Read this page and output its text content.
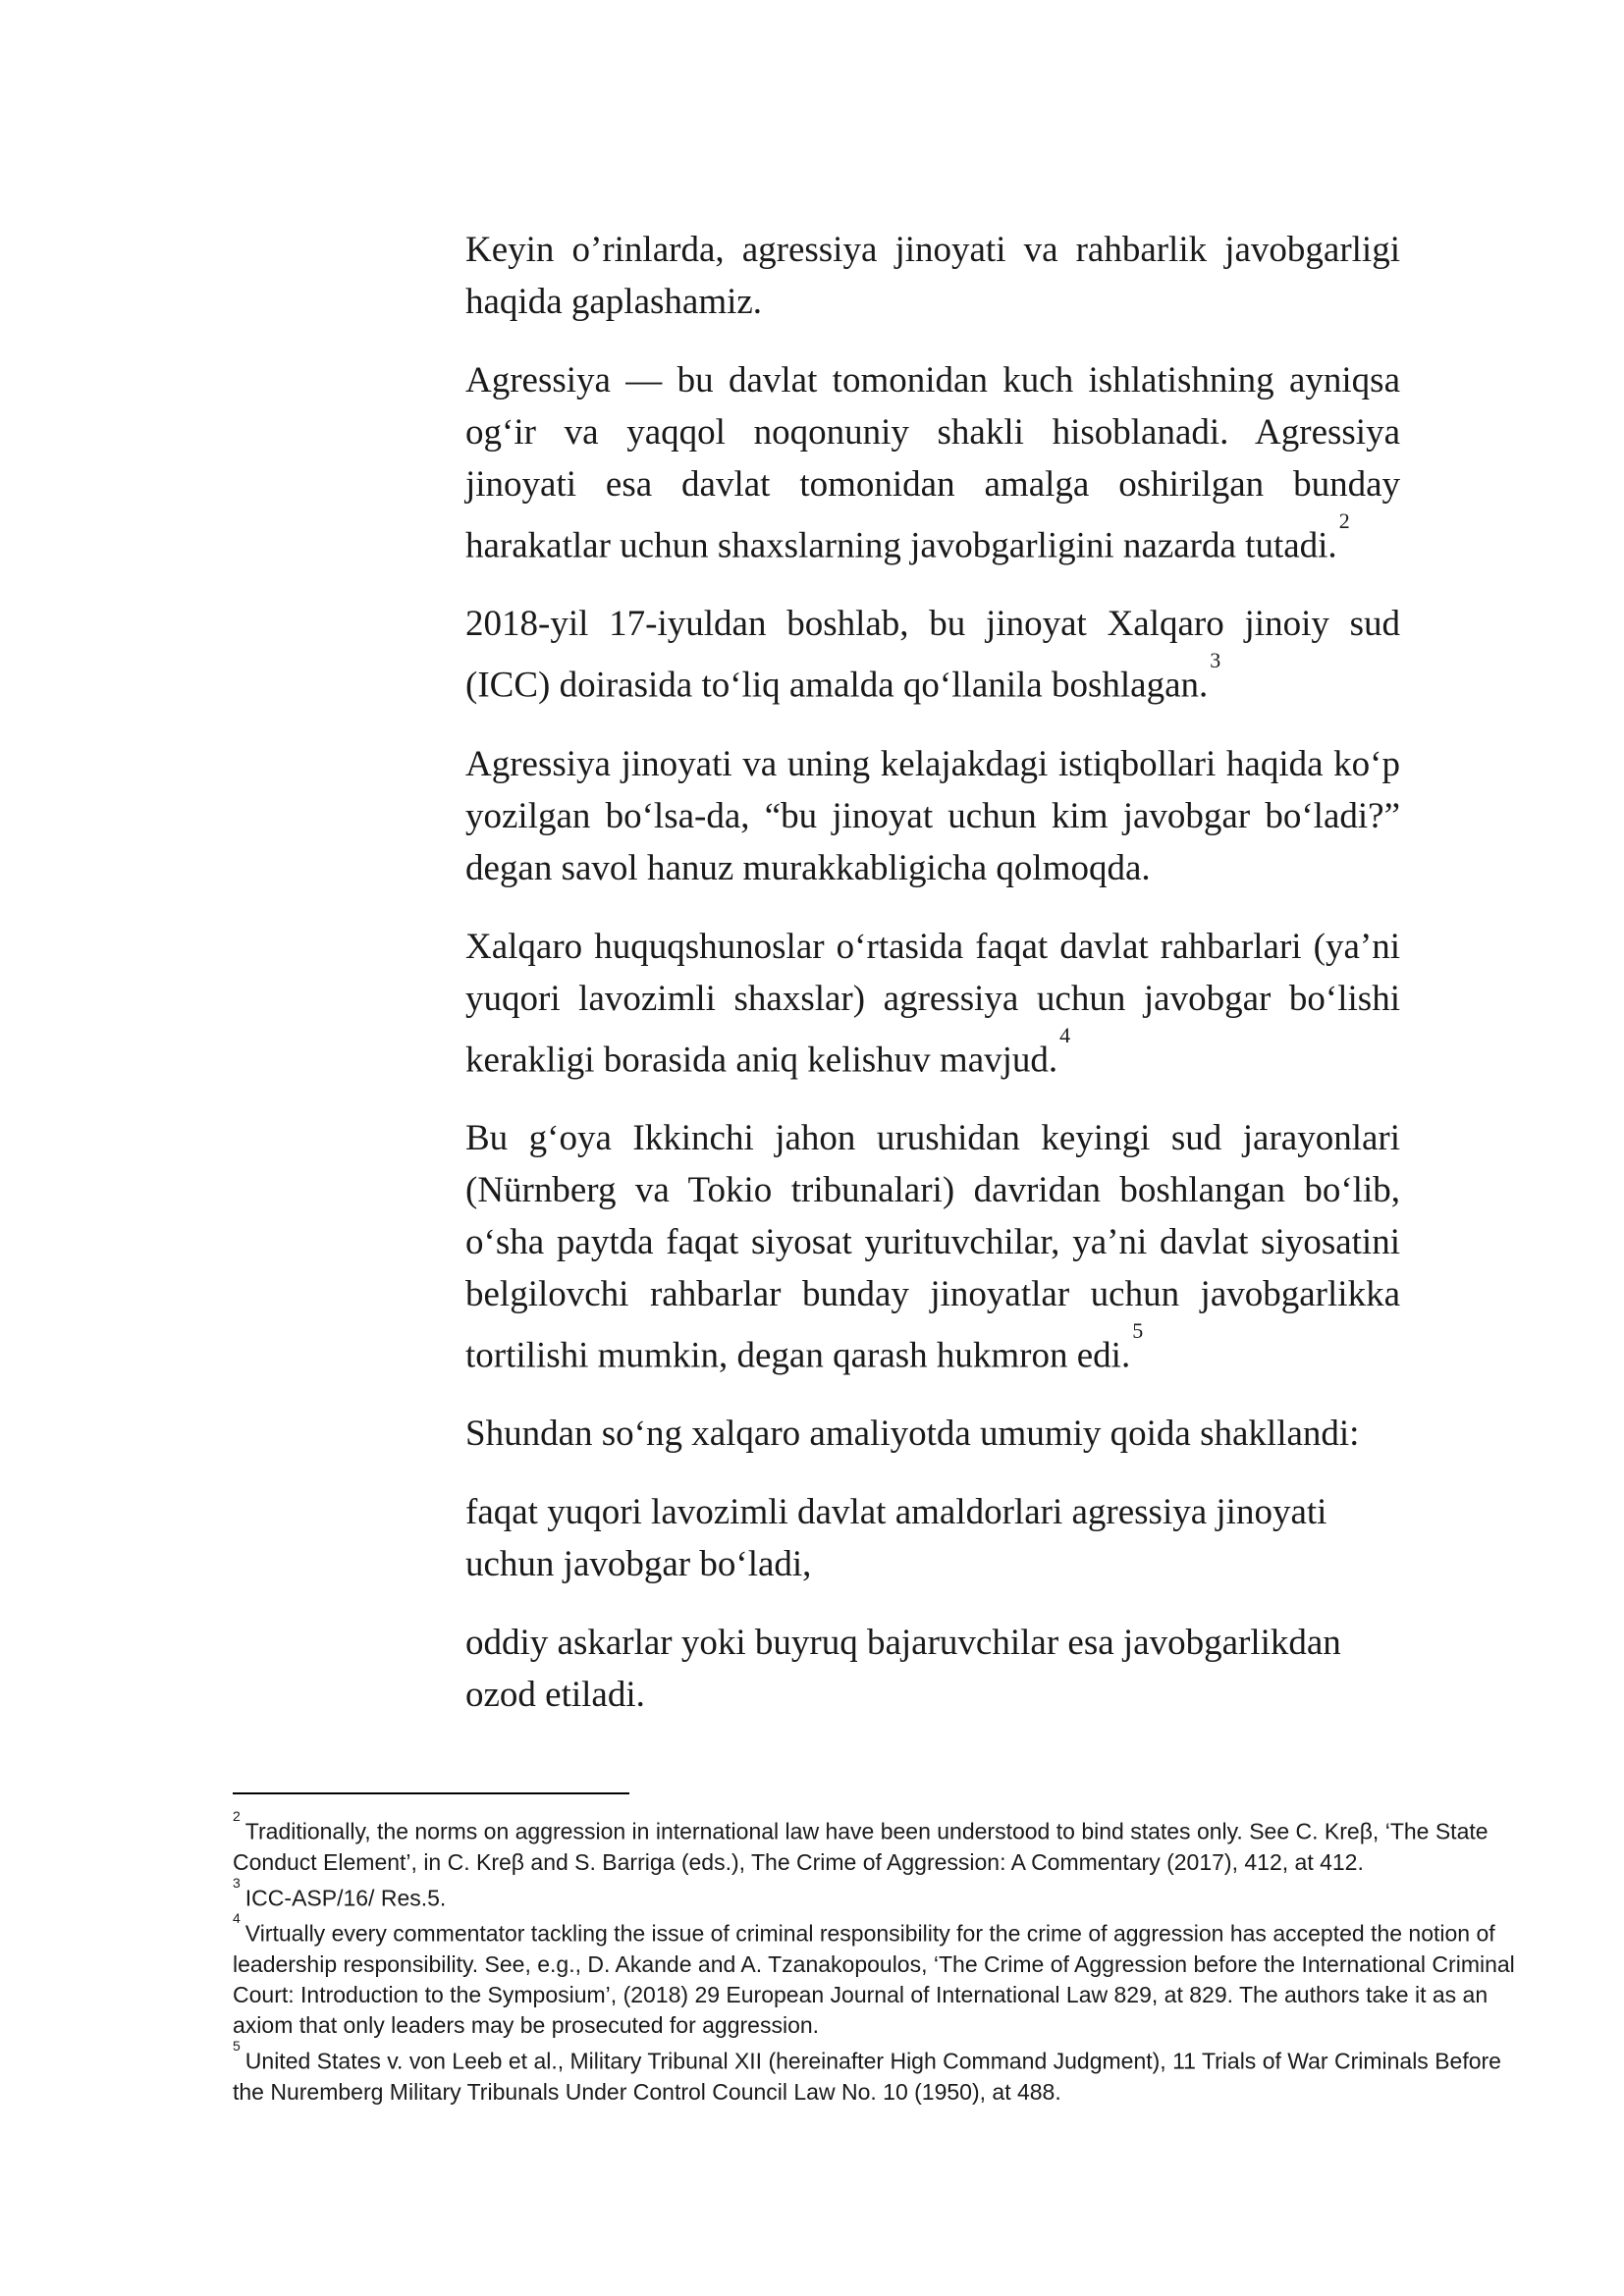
Keyin o’rinlarda, agressiya jinoyati va rahbarlik javobgarligi haqida gaplashamiz.

Agressiya — bu davlat tomonidan kuch ishlatishning ayniqsa og‘ir va yaqqol noqonuniy shakli hisoblanadi. Agressiya jinoyati esa davlat tomonidan amalga oshirilgan bunday harakatlar uchun shaxslarning javobgarligini nazarda tutadi.$^2$

2018-yil 17-iyuldan boshlab, bu jinoyat Xalqaro jinoiy sud (ICC) doirasida to‘liq amalda qo‘llanila boshlagan.$^3$

Agressiya jinoyati va uning kelajakdagi istiqbollari haqida ko‘p yozilgan bo‘lsa-da, “bu jinoyat uchun kim javobgar bo‘ladi?” degan savol hanuz murakkabligicha qolmoqda.

Xalqaro huquqshunoslar o‘rtasida faqat davlat rahbarlari (ya’ni yuqori lavozimli shaxslar) agressiya uchun javobgar bo‘lishi kerakligi borasida aniq kelishuv mavjud.$^4$

Bu g‘oya Ikkinchi jahon urushidan keyingi sud jarayonlari (Nürnberg va Tokio tribunalari) davridan boshlangan bo‘lib, o‘sha paytda faqat siyosat yurituvchilar, ya’ni davlat siyosatini belgilovchi rahbarlar bunday jinoyatlar uchun javobgarlikka tortilishi mumkin, degan qarash hukmron edi.$^5$

Shundan so‘ng xalqaro amaliyotda umumiy qoida shakllandi:

faqat yuqori lavozimli davlat amaldorlari agressiya jinoyati uchun javobgar bo‘ladi,

oddiy askarlar yoki buyruq bajaruvchilar esa javobgarlikdan ozod etiladi.

$^2$Traditionally, the norms on aggression in international law have been understood to bind states only. See C. Kreβ, ‘The State Conduct Element’, in C. Kreβ and S. Barriga (eds.), The Crime of Aggression: A Commentary (2017), 412, at 412.

$^3$ICC-ASP/16/ Res.5.

$^4$Virtually every commentator tackling the issue of criminal responsibility for the crime of aggression has accepted the notion of leadership responsibility. See, e.g., D. Akande and A. Tzanakopoulos, ‘The Crime of Aggression before the International Criminal Court: Introduction to the Symposium’, (2018) 29 European Journal of International Law 829, at 829. The authors take it as an axiom that only leaders may be prosecuted for aggression.

$^5$United States v. von Leeb et al., Military Tribunal XII (hereinafter High Command Judgment), 11 Trials of War Criminals Before the Nuremberg Military Tribunals Under Control Council Law No. 10 (1950), at 488.
